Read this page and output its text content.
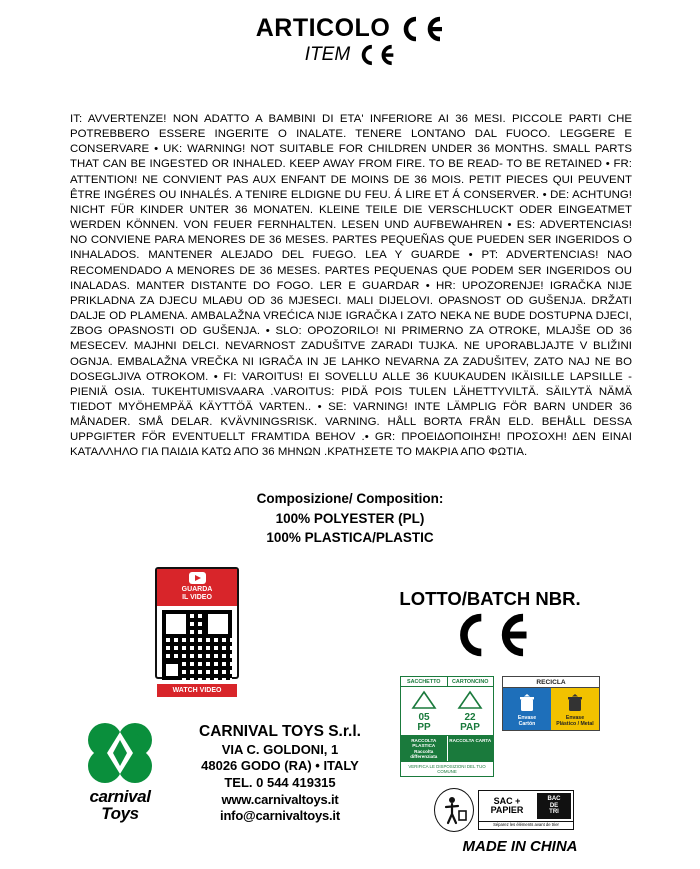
ARTICOLO
ITEM
IT: AVVERTENZE! NON ADATTO A BAMBINI DI ETA' INFERIORE AI 36 MESI. PICCOLE PARTI CHE POTREBBERO ESSERE INGERITE O INALATE. TENERE LONTANO DAL FUOCO. LEGGERE E CONSERVARE • UK: WARNING! NOT SUITABLE FOR CHILDREN UNDER 36 MONTHS. SMALL PARTS THAT CAN BE INGESTED OR INHALED. KEEP AWAY FROM FIRE. TO BE READ- TO BE RETAINED • FR: ATTENTION! NE CONVIENT PAS AUX ENFANT DE MOINS DE 36 MOIS. PETIT PIECES QUI PEUVENT ÊTRE INGÉRES OU INHALÉS. A TENIRE ELDIGNE DU FEU. Á LIRE ET Á CONSERVER. • DE: ACHTUNG! NICHT FÜR KINDER UNTER 36 MONATEN. KLEINE TEILE DIE VERSCHLUCKT ODER EINGEATMET WERDEN KÖNNEN. VON FEUER FERNHALTEN. LESEN UND AUFBEWAHREN • ES: ADVERTENCIAS! NO CONVIENE PARA MENORES DE 36 MESES. PARTES PEQUEÑAS QUE PUEDEN SER INGERIDOS O INHALADOS. MANTENER ALEJADO DEL FUEGO. LEA Y GUARDE • PT: ADVERTENCIAS! NAO RECOMENDADO A MENORES DE 36 MESES. PARTES PEQUENAS QUE PODEM SER INGERIDOS OU INALADAS. MANTER DISTANTE DO FOGO. LER E GUARDAR • HR: UPOZORENJE! IGRAČKA NIJE PRIKLADNA ZA DJECU MLAĐU OD 36 MJESECI. MALI DIJELOVI. OPASNOST OD GUŠENJA. DRŽATI DALJE OD PLAMENA. AMBALAŽNA VREĆICA NIJE IGRAČKA I ZATO NEKA NE BUDE DOSTUPNA DJECI, ZBOG OPASNOSTI OD GUŠENJA. • SLO: OPOZORILO! NI PRIMERNO ZA OTROKE, MLAJŠE OD 36 MESECEV. MAJHNI DELCI. NEVARNOST ZADUŠITVE ZARADI TUJKA. NE UPORABLJAJTE V BLIŽINI OGNJA. EMBALAŽNA VREČKA NI IGRAČA IN JE LAHKO NEVARNA ZA ZADUŠITEV, ZATO NAJ NE BO DOSEGLJIVA OTROKOM. • FI: VAROITUS! EI SOVELLU ALLE 36 KUUKAUDEN IKÄISILLE LAPSILLE - PIENIÄ OSIA. TUKEHTUMISVAARA .VAROITUS: PIDÄ POIS TULEN LÄHETTYVILTÄ. SÄILYTÄ NÄMÄ TIEDOT MYÖHEMPÄÄ KÄYTTÖÄ VARTEN.. • SE: VARNING! INTE LÄMPLIG FÖR BARN UNDER 36 MÅNADER. SMÅ DELAR. KVÄVNINGSRISK. VARNING. HÅLL BORTA FRÅN ELD. BEHÅLL DESSA UPPGIFTER FÖR EVENTUELLT FRAMTIDA BEHOV .• GR: ΠΡΟΕΙΔΟΠΟΙΗΣΗ! ΠΡΟΣΟΧΗ! ΔΕΝ ΕΙΝΑΙ ΚΑΤΑΛΛΗΛΟ ΓΙΑ ΠΑΙΔΙΑ ΚΑΤΩ ΑΠΟ 36 ΜΗΝΩΝ .ΚΡΑΤΗΣΕΤΕ ΤΟ ΜΑΚΡΙΑ ΑΠΟ ΦΩΤΙΑ.
Composizione/ Composition:
100% POLYESTER (PL)
100% PLASTICA/PLASTIC
GUARDA
IL VIDEO
WATCH VIDEO
LOTTO/BATCH NBR.
carnival
Toys
CARNIVAL TOYS S.r.l.
VIA C. GOLDONI, 1
48026 GODO (RA) • ITALY
TEL. 0 544 419315
www.carnivaltoys.it
info@carnivaltoys.it
SACCHETTO	CARTONCINO
05
PP
22
PAP
RACCOLTA PLASTICA
Raccolta differenziata
RACCOLTA CARTA
VERIFICA LE DISPOSIZIONI DEL TUO COMUNE
RECICLA
Envase
Cartón
Envase
Plástico / Metal
SAC +
PAPIER
BAC
DE
TRI
Séparez les éléments avant de trier
MADE IN CHINA
